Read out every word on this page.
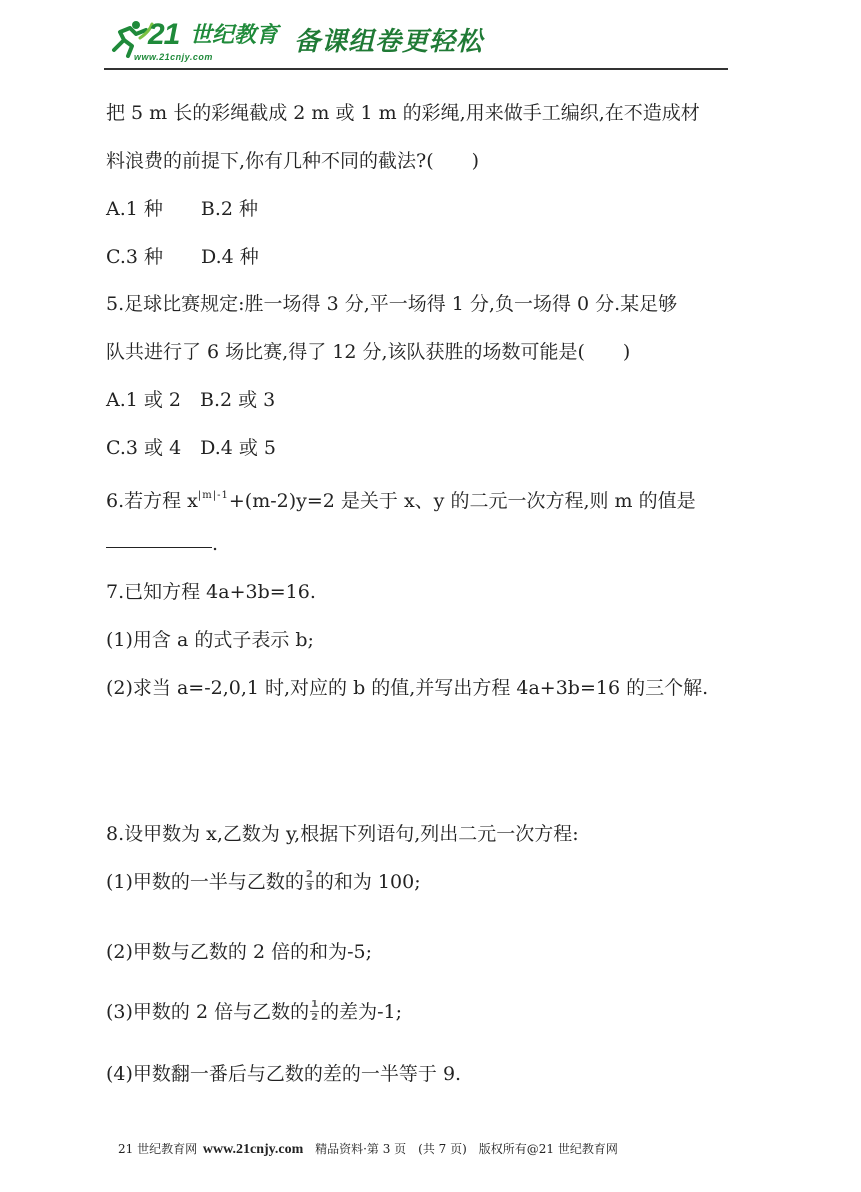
21 世纪教育
www.21cnjy.com	备课组卷更轻松
把 5 m 长的彩绳截成 2 m 或 1 m 的彩绳,用来做手工编织,在不造成材
料浪费的前提下,你有几种不同的截法?(　　)
A.1 种　　B.2 种
C.3 种　　D.4 种
5.足球比赛规定:胜一场得 3 分,平一场得 1 分,负一场得 0 分.某足够
队共进行了 6 场比赛,得了 12 分,该队获胜的场数可能是(　　)
A.1 或 2　B.2 或 3
C.3 或 4　D.4 或 5
6.若方程 $x^{|m|-1}+(m-2)y=2$ 是关于 x、y 的二元一次方程,则 m 的值是
.
7.已知方程 4a+3b=16.
(1)用含 a 的式子表示 b;
(2)求当 a=-2,0,1 时,对应的 b 的值,并写出方程 4a+3b=16 的三个解.
8.设甲数为 x,乙数为 y,根据下列语句,列出二元一次方程:
(1)甲数的一半与乙数的 $\frac{2}{3}$ 的和为 100;
(2)甲数与乙数的 2 倍的和为-5;
(3)甲数的 2 倍与乙数的 $\frac{1}{2}$ 的差为-1;
(4)甲数翻一番后与乙数的差的一半等于 9.
21 世纪教育网 www.21cnjy.com 精品资料·第 3 页　(共 7 页)　版权所有@21 世纪教育网
